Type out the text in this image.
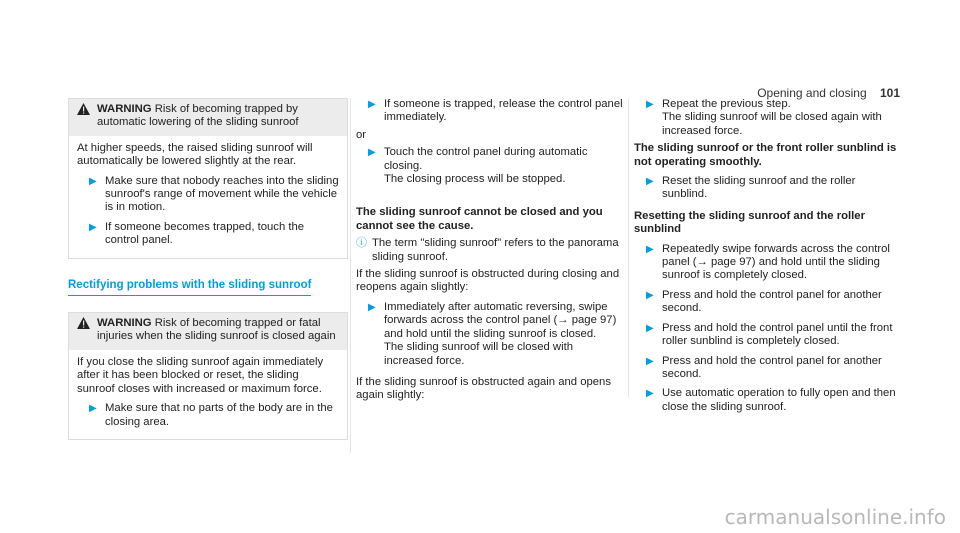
Opening and closing 101
WARNING Risk of becoming trapped by automatic lowering of the sliding sunroof

At higher speeds, the raised sliding sunroof will automatically be lowered slightly at the rear.

▶ Make sure that nobody reaches into the sliding sunroof's range of movement while the vehicle is in motion.
▶ If someone becomes trapped, touch the control panel.
Rectifying problems with the sliding sunroof
WARNING Risk of becoming trapped or fatal injuries when the sliding sunroof is closed again

If you close the sliding sunroof again immediately after it has been blocked or reset, the sliding sunroof closes with increased or maximum force.

▶ Make sure that no parts of the body are in the closing area.
▶ If someone is trapped, release the control panel immediately.

or

▶ Touch the control panel during automatic closing.
The closing process will be stopped.

The sliding sunroof cannot be closed and you cannot see the cause.

ⓘ The term "sliding sunroof" refers to the panorama sliding sunroof.

If the sliding sunroof is obstructed during closing and reopens again slightly:

▶ Immediately after automatic reversing, swipe forwards across the control panel (→ page 97) and hold until the sliding sunroof is closed.
The sliding sunroof will be closed with increased force.

If the sliding sunroof is obstructed again and opens again slightly:

▶ Repeat the previous step.
The sliding sunroof will be closed again with increased force.

The sliding sunroof or the front roller sunblind is not operating smoothly.

▶ Reset the sliding sunroof and the roller sunblind.

Resetting the sliding sunroof and the roller sunblind

▶ Repeatedly swipe forwards across the control panel (→ page 97) and hold until the sliding sunroof is completely closed.
▶ Press and hold the control panel for another second.
▶ Press and hold the control panel until the front roller sunblind is completely closed.
▶ Press and hold the control panel for another second.
▶ Use automatic operation to fully open and then close the sliding sunroof.
carmanualsonline.info
